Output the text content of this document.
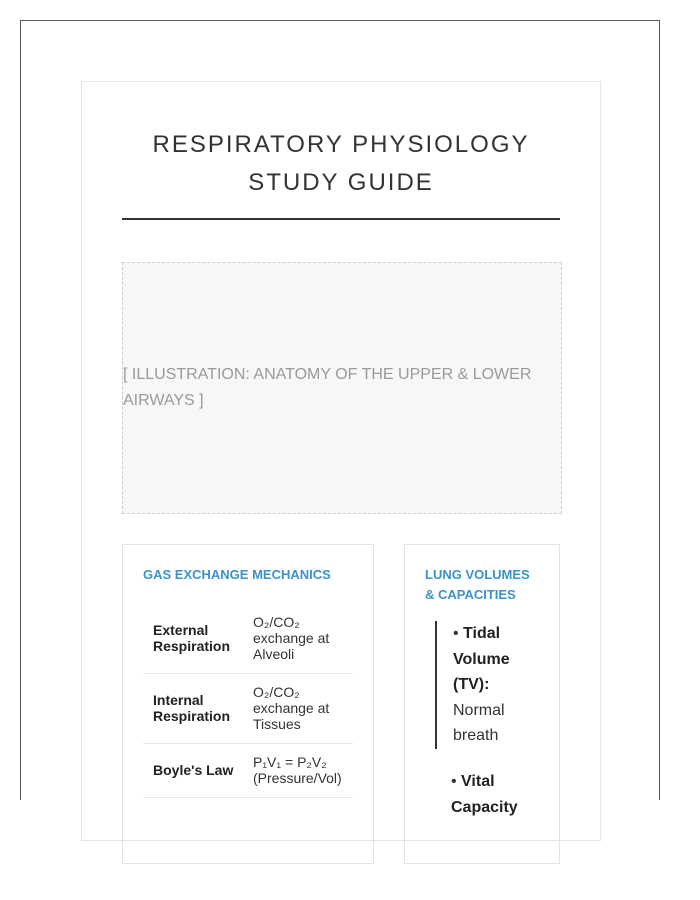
RESPIRATORY PHYSIOLOGY
STUDY GUIDE
[ ILLUSTRATION: ANATOMY OF THE UPPER & LOWER AIRWAYS ]
GAS EXCHANGE MECHANICS
External Respiration	O₂/CO₂ exchange at Alveoli
Internal Respiration	O₂/CO₂ exchange at Tissues
Boyle's Law	P₁V₁ = P₂V₂ (Pressure/Vol)
LUNG VOLUMES & CAPACITIES
• Tidal Volume (TV): Normal breath
• Vital Capacity
